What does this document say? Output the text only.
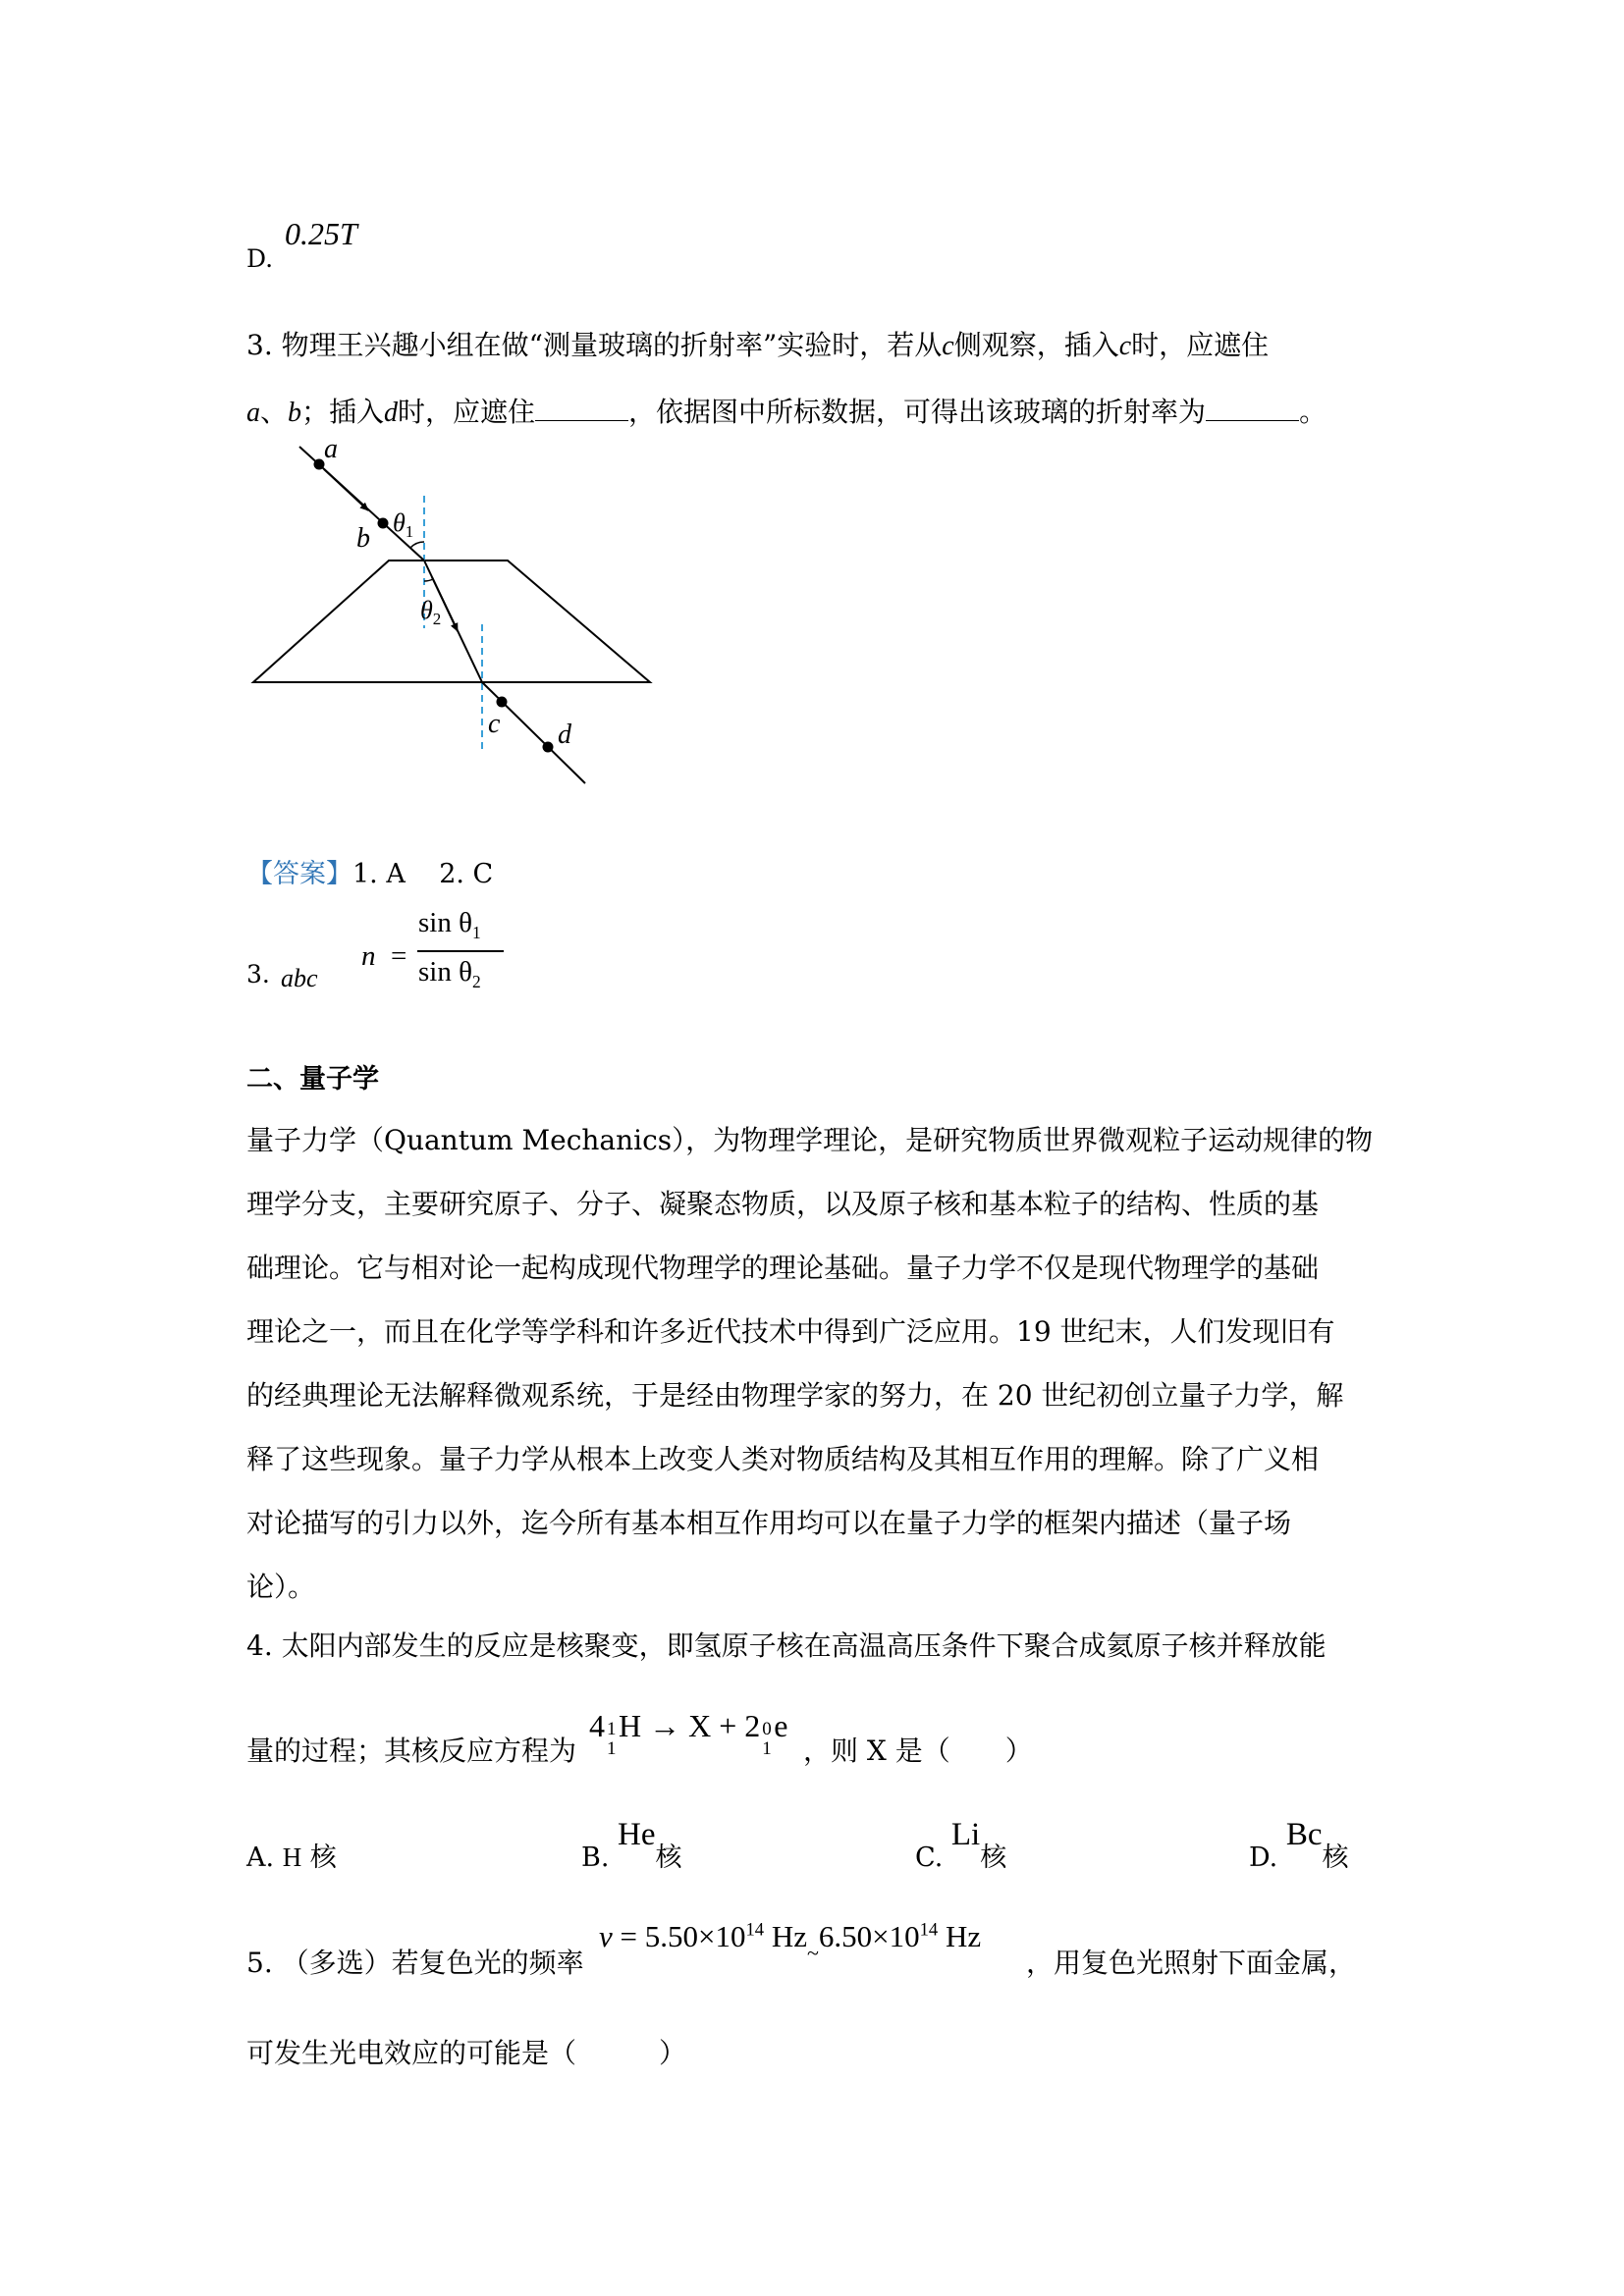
D.
0.25T
3. 物理王兴趣小组在做“测量玻璃的折射率”实验时，若从c侧观察，插入c时，应遮住
a、b；插入d时，应遮住	，依据图中所标数据，可得出该玻璃的折射率为	。
a
b
c d
$\theta_1$
$\theta_2$
【答案】1. A 2. C
3. abc
n =
$\sin \theta_1$
$\sin \theta_2$
二、量子学
量子力学（Quantum Mechanics），为物理学理论，是研究物质世界微观粒子运动规律的物
理学分支，主要研究原子、分子、凝聚态物质，以及原子核和基本粒子的结构、性质的基
础理论。它与相对论一起构成现代物理学的理论基础。量子力学不仅是现代物理学的基础
理论之一，而且在化学等学科和许多近代技术中得到广泛应用。19 世纪末，人们发现旧有
的经典理论无法解释微观系统，于是经由物理学家的努力，在 20 世纪初创立量子力学，解
释了这些现象。量子力学从根本上改变人类对物质结构及其相互作用的理解。除了广义相
对论描写的引力以外，迄今所有基本相互作用均可以在量子力学的框架内描述（量子场
论）。
4. 太阳内部发生的反应是核聚变，即氢原子核在高温高压条件下聚合成氦原子核并释放能
量的过程；其核反应方程为
4 1
1
H → X + 2 0
1
e
，则 X 是（　　）
A. H 核	B. He核	C. Li核	D. Bc核
5. （多选）若复色光的频率
$\nu = 5.50\times 10^{14}$ $Hz_\sim 6.50\times 10^{14}$ Hz
，用复色光照射下面金属，
可发生光电效应的可能是（　　　）
